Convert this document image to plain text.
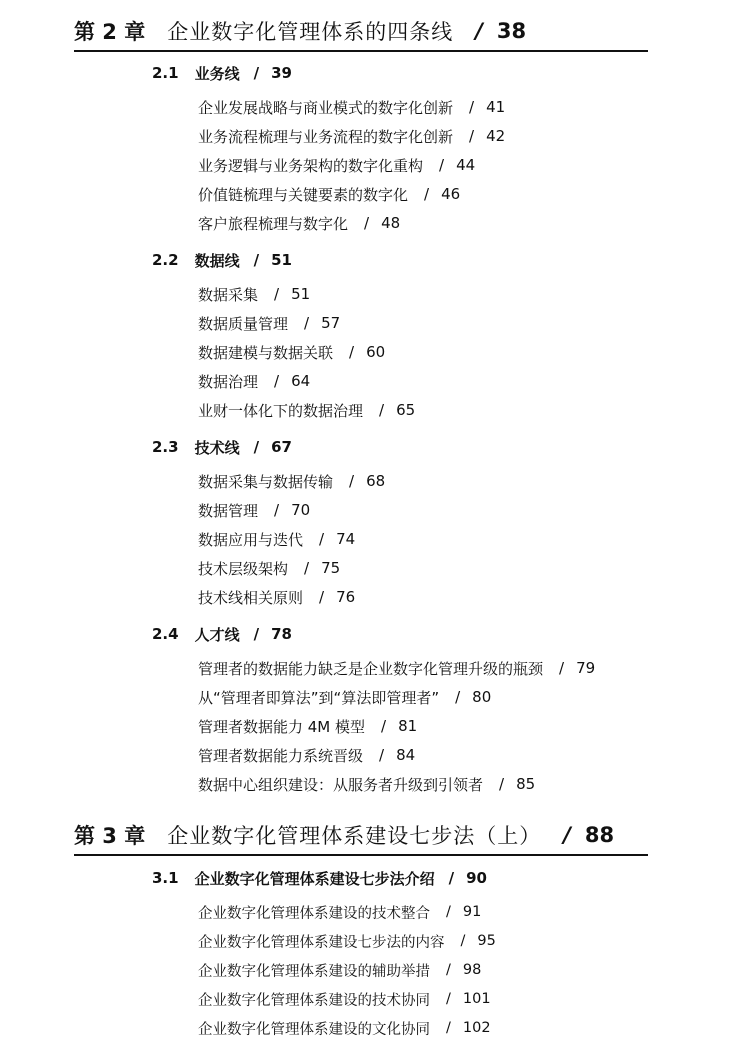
第 2 章 企业数字化管理体系的四条线 / 38
2.1 业务线 / 39
企业发展战略与商业模式的数字化创新 / 41
业务流程梳理与业务流程的数字化创新 / 42
业务逻辑与业务架构的数字化重构 / 44
价值链梳理与关键要素的数字化 / 46
客户旅程梳理与数字化 / 48
2.2 数据线 / 51
数据采集 / 51
数据质量管理 / 57
数据建模与数据关联 / 60
数据治理 / 64
业财一体化下的数据治理 / 65
2.3 技术线 / 67
数据采集与数据传输 / 68
数据管理 / 70
数据应用与迭代 / 74
技术层级架构 / 75
技术线相关原则 / 76
2.4 人才线 / 78
管理者的数据能力缺乏是企业数字化管理升级的瓶颈 / 79
从“管理者即算法”到“算法即管理者” / 80
管理者数据能力 4M 模型 / 81
管理者数据能力系统晋级 / 84
数据中心组织建设：从服务者升级到引领者 / 85
第 3 章 企业数字化管理体系建设七步法（上） / 88
3.1 企业数字化管理体系建设七步法介绍 / 90
企业数字化管理体系建设的技术整合 / 91
企业数字化管理体系建设七步法的内容 / 95
企业数字化管理体系建设的辅助举措 / 98
企业数字化管理体系建设的技术协同 / 101
企业数字化管理体系建设的文化协同 / 102
